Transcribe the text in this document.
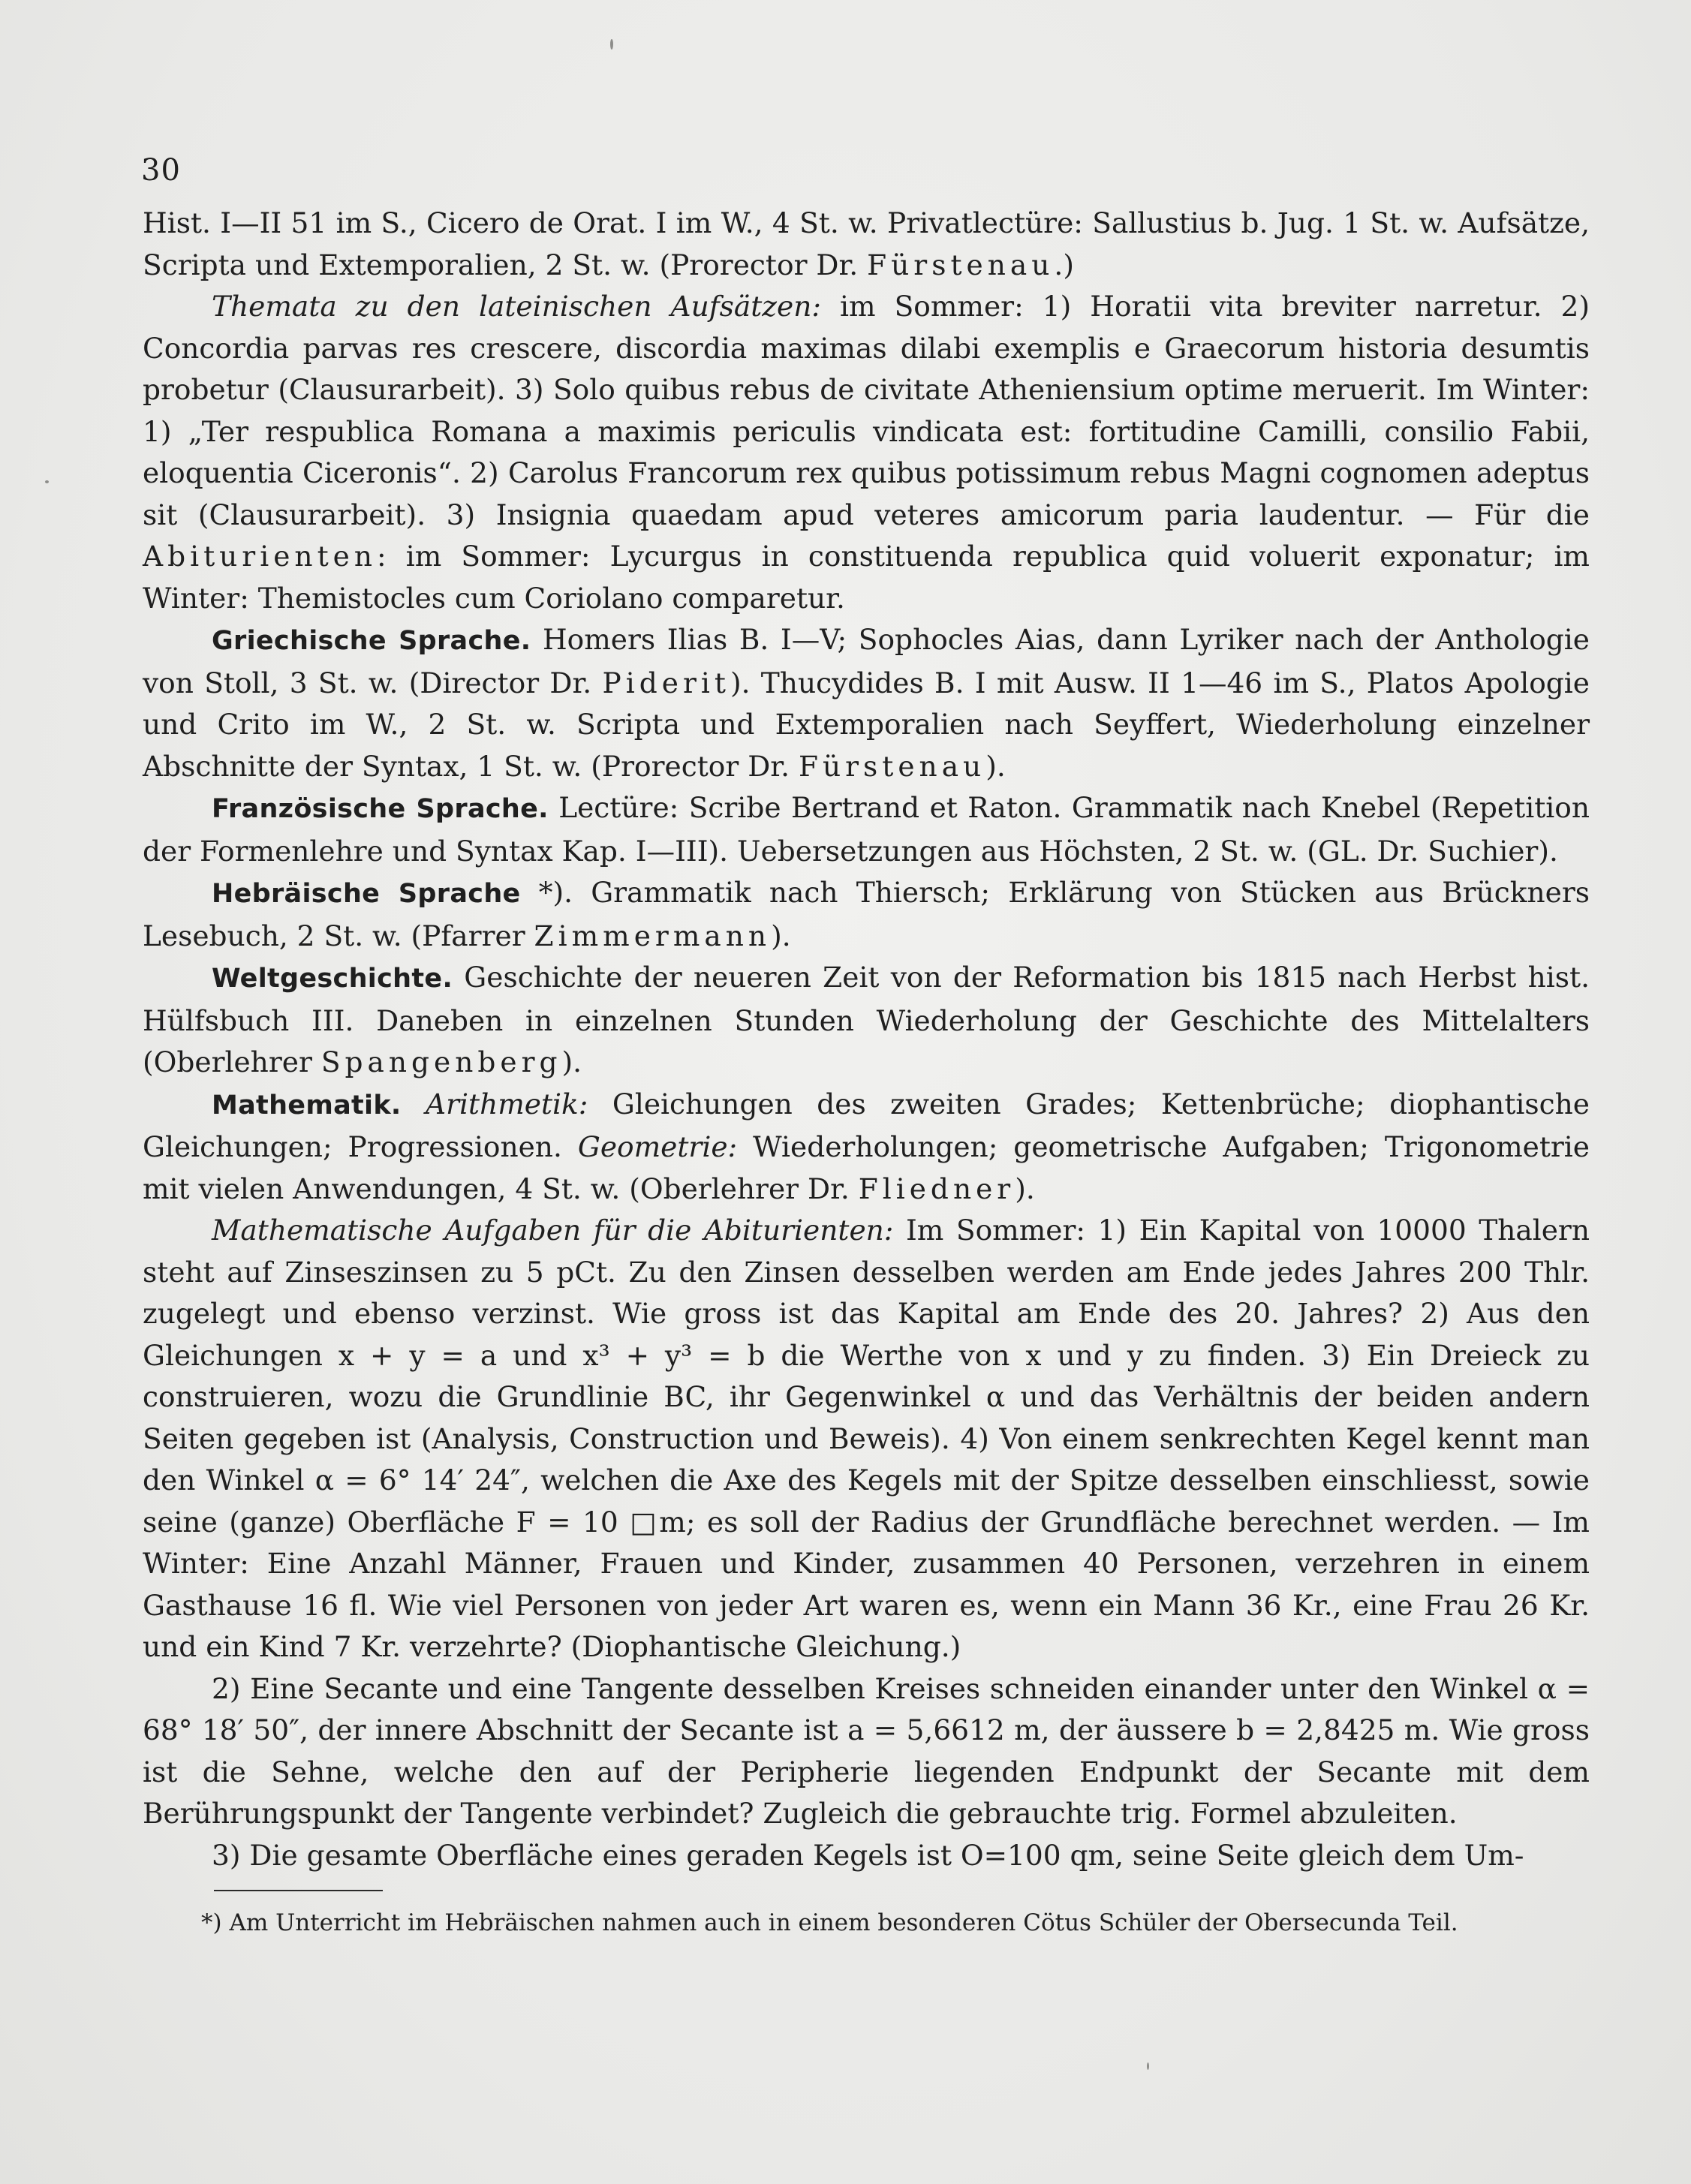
30

Hist. I—II 51 im S., Cicero de Orat. I im W., 4 St. w. Privatlectüre: Sallustius b. Jug. 1 St. w. Aufsätze, Scripta und Extemporalien, 2 St. w. (Prorector Dr. Fürstenau.)

Themata zu den lateinischen Aufsätzen: im Sommer: 1) Horatii vita breviter narretur. 2) Concordia parvas res crescere, discordia maximas dilabi exemplis e Graecorum historia desumtis probetur (Clausurarbeit). 3) Solo quibus rebus de civitate Atheniensium optime meruerit. Im Winter: 1) „Ter respublica Romana a maximis periculis vindicata est: fortitudine Camilli, consilio Fabii, eloquentia Ciceronis“. 2) Carolus Francorum rex quibus potissimum rebus Magni cognomen adeptus sit (Clausurarbeit). 3) Insignia quaedam apud veteres amicorum paria laudentur. — Für die Abiturienten: im Sommer: Lycurgus in constituenda republica quid voluerit exponatur; im Winter: Themistocles cum Coriolano comparetur.

Griechische Sprache. Homers Ilias B. I—V; Sophocles Aias, dann Lyriker nach der Anthologie von Stoll, 3 St. w. (Director Dr. Piderit). Thucydides B. I mit Ausw. II 1—46 im S., Platos Apologie und Crito im W., 2 St. w. Scripta und Extemporalien nach Seyffert, Wiederholung einzelner Abschnitte der Syntax, 1 St. w. (Prorector Dr. Fürstenau).

Französische Sprache. Lectüre: Scribe Bertrand et Raton. Grammatik nach Knebel (Repetition der Formenlehre und Syntax Kap. I—III). Uebersetzungen aus Höchsten, 2 St. w. (GL. Dr. Suchier).

Hebräische Sprache *). Grammatik nach Thiersch; Erklärung von Stücken aus Brückners Lesebuch, 2 St. w. (Pfarrer Zimmermann).

Weltgeschichte. Geschichte der neueren Zeit von der Reformation bis 1815 nach Herbst hist. Hülfsbuch III. Daneben in einzelnen Stunden Wiederholung der Geschichte des Mittelalters (Oberlehrer Spangenberg).

Mathematik. Arithmetik: Gleichungen des zweiten Grades; Kettenbrüche; diophantische Gleichungen; Progressionen. Geometrie: Wiederholungen; geometrische Aufgaben; Trigonometrie mit vielen Anwendungen, 4 St. w. (Oberlehrer Dr. Fliedner).

Mathematische Aufgaben für die Abiturienten: Im Sommer: 1) Ein Kapital von 10000 Thalern steht auf Zinseszinsen zu 5 pCt. Zu den Zinsen desselben werden am Ende jedes Jahres 200 Thlr. zugelegt und ebenso verzinst. Wie gross ist das Kapital am Ende des 20. Jahres? 2) Aus den Gleichungen x + y = a und x³ + y³ = b die Werthe von x und y zu finden. 3) Ein Dreieck zu construieren, wozu die Grundlinie BC, ihr Gegenwinkel α und das Verhältnis der beiden andern Seiten gegeben ist (Analysis, Construction und Beweis). 4) Von einem senkrechten Kegel kennt man den Winkel α = 6° 14′ 24″, welchen die Axe des Kegels mit der Spitze desselben einschliesst, sowie seine (ganze) Oberfläche F = 10 □m; es soll der Radius der Grundfläche berechnet werden. — Im Winter: Eine Anzahl Männer, Frauen und Kinder, zusammen 40 Personen, verzehren in einem Gasthause 16 fl. Wie viel Personen von jeder Art waren es, wenn ein Mann 36 Kr., eine Frau 26 Kr. und ein Kind 7 Kr. verzehrte? (Diophantische Gleichung.)

2) Eine Secante und eine Tangente desselben Kreises schneiden einander unter den Winkel α = 68° 18′ 50″, der innere Abschnitt der Secante ist a = 5,6612 m, der äussere b = 2,8425 m. Wie gross ist die Sehne, welche den auf der Peripherie liegenden Endpunkt der Secante mit dem Berührungspunkt der Tangente verbindet? Zugleich die gebrauchte trig. Formel abzuleiten.

3) Die gesamte Oberfläche eines geraden Kegels ist O=100 qm, seine Seite gleich dem Um-

*) Am Unterricht im Hebräischen nahmen auch in einem besonderen Cötus Schüler der Obersecunda Teil.
